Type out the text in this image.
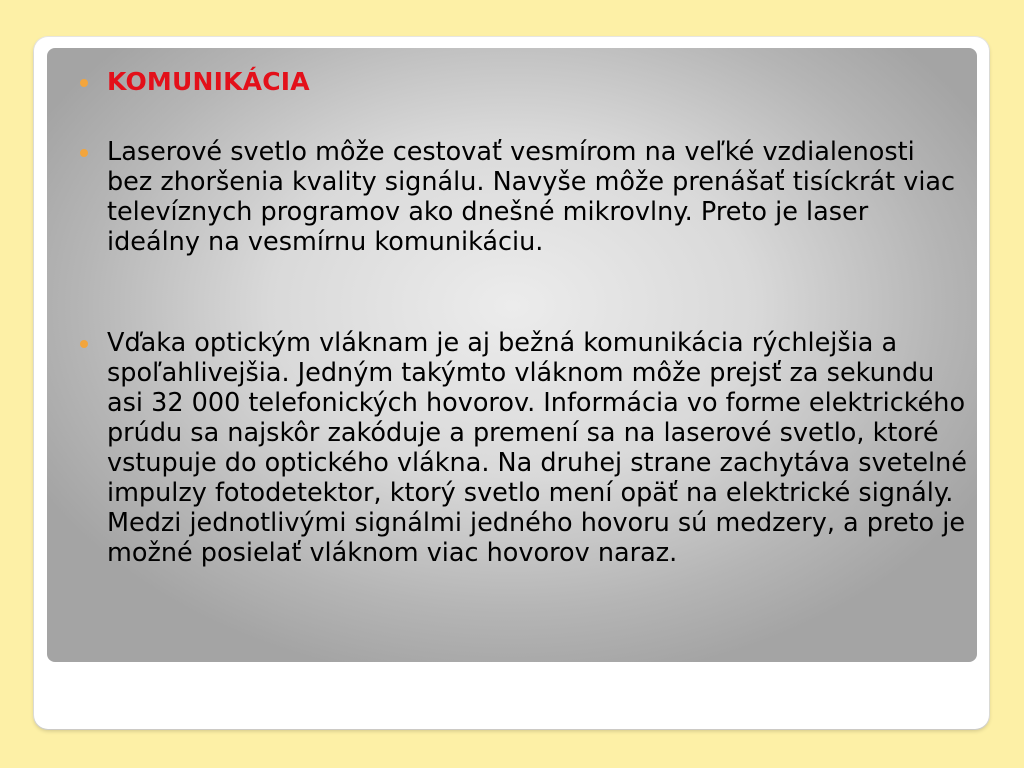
KOMUNIKÁCIA
Laserové svetlo môže cestovať vesmírom na veľké vzdialenosti bez zhoršenia kvality signálu. Navyše môže prenášať tisíckrát viac televíznych programov ako dnešné mikrovlny. Preto je laser ideálny na vesmírnu komunikáciu.
Vďaka optickým vláknam je aj bežná komunikácia rýchlejšia a spoľahlivejšia. Jedným takýmto vláknom môže prejsť za sekundu asi 32 000 telefonických hovorov. Informácia vo forme elektrického prúdu sa najskôr zakóduje a premení sa na laserové svetlo, ktoré vstupuje do optického vlákna. Na druhej strane zachytáva svetelné impulzy fotodetektor, ktorý svetlo mení opäť na elektrické signály. Medzi jednotlivými signálmi jedného hovoru sú medzery, a preto je možné posielať vláknom viac hovorov naraz.
